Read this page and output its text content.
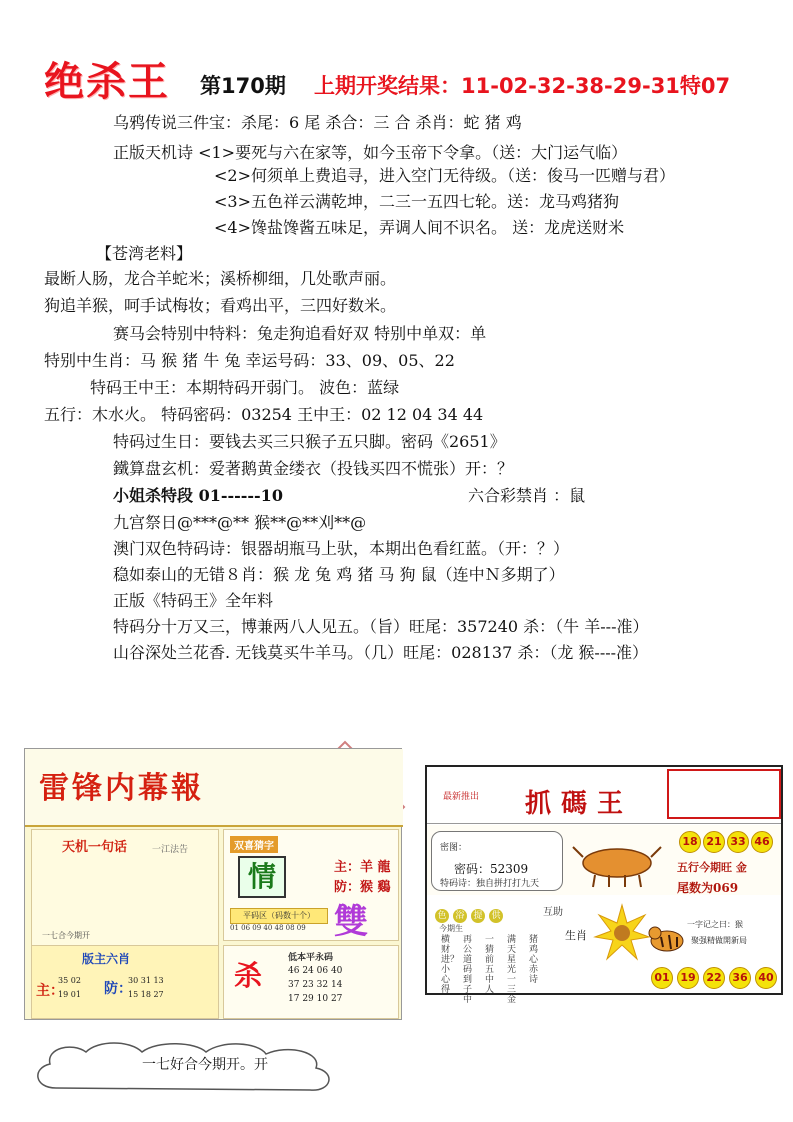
绝杀王 第170期 上期开奖结果：11-02-32-38-29-31特07
乌鸦传说三件宝：杀尾：6 尾 杀合：三 合 杀肖：蛇 猪 鸡
正版天机诗 <1>要死与六在家等，如今玉帝下令拿。（送：大门运气临）
<2>何须单上费追寻，进入空门无待级。（送：俊马一匹赠与君）
<3>五色祥云满乾坤，二三一五四七轮。送：龙马鸡猪狗
<4>馋盐馋酱五味足，弄调人间不识名。 送：龙虎送财米
【苍湾老料】
最断人肠，龙合羊蛇米；溪桥柳细，几处歌声丽。
狗追羊猴，呵手试梅妆；看鸡出平，三四好数米。
赛马会特别中特料：兔走狗追看好双 特别中单双：单
特别中生肖：马 猴 猪 牛 兔 幸运号码：33、09、05、22
特码王中王：本期特码开弱门。 波色：蓝绿
五行：木水火。 特码密码：03254 王中王：02 12 04 34 44
特码过生日：要钱去买三只猴子五只脚。密码《2651》
鐵算盘玄机：爱著鹅黄金缕衣（投钱买四不慌张）开：？
小姐杀特段 01------10	六合彩禁肖 ：鼠
九宫祭日@***@** 猴**@**刈**@
澳门双色特码诗：银器胡瓶马上驮，本期出色看红蓝。（开：？）
稳如泰山的无错８肖：猴 龙 兔 鸡 猪 马 狗 鼠（连中Ｎ多期了）
正版《特码王》全年料
特码分十万又三，博兼两八人见五。（旨）旺尾：357240 杀：（牛 羊---准）
山谷深处兰花香. 无钱莫买牛羊马。（几）旺尾：028137 杀：（龙 猴----准）
雷锋内幕報
天机一句话	一江法告
一七合今期开
双喜猜字
情	主：羊 龍
防：猴 鷄
平码区（码数十个）
01 06 09 40 48 08 09 雙
版主六肖
主：
35 02
19 01 防：
30 31 13
15 18 27
杀
低本平永码
46 24 06 40
37 23 32 14
17 29 10 27
最新推出 抓碼王
密图：
密码：52309
特码诗：独自拼打打九天
18 21 33 46
五行今期旺 金
尾数为069
色 浴 提 供	互助
今期生
横财进？小心得
再公道码到子中
一猜前五中人
满天星光一三金
猪鸡心赤诗
生肖
一字记之曰：猴
聚强精做開新局
01 19 22 36 40
一七好合今期开。开
